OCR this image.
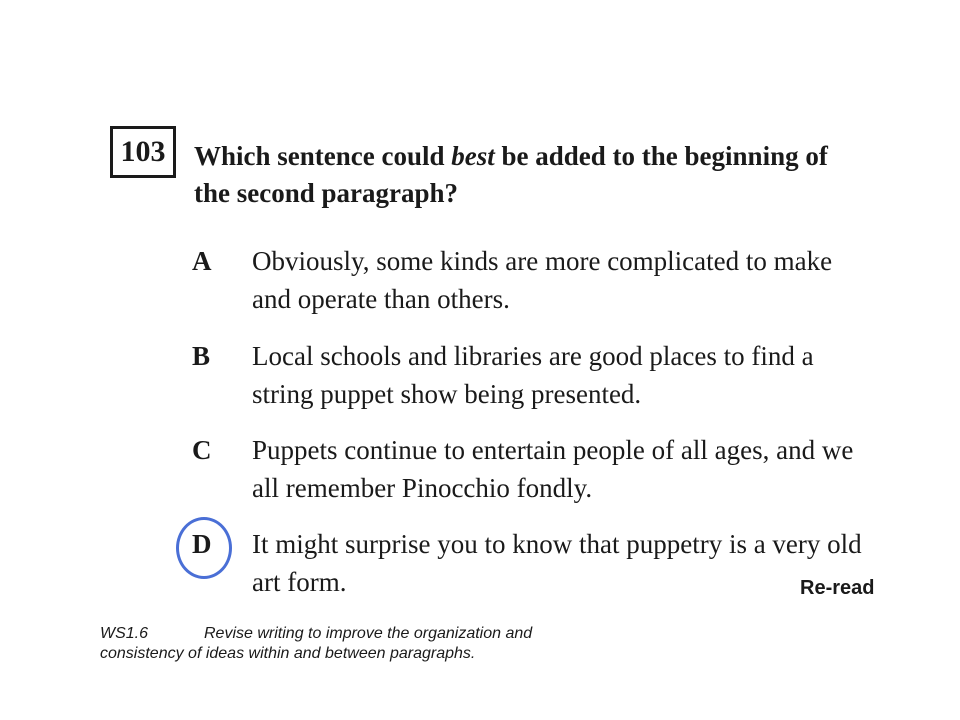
103 Which sentence could best be added to the beginning of the second paragraph?
A	Obviously, some kinds are more complicated to make and operate than others.
B	Local schools and libraries are good places to find a string puppet show being presented.
C	Puppets continue to entertain people of all ages, and we all remember Pinocchio fondly.
D	It might surprise you to know that puppetry is a very old art form.	Re-read
WS1.6	Revise writing to improve the organization and consistency of ideas within and between paragraphs.
